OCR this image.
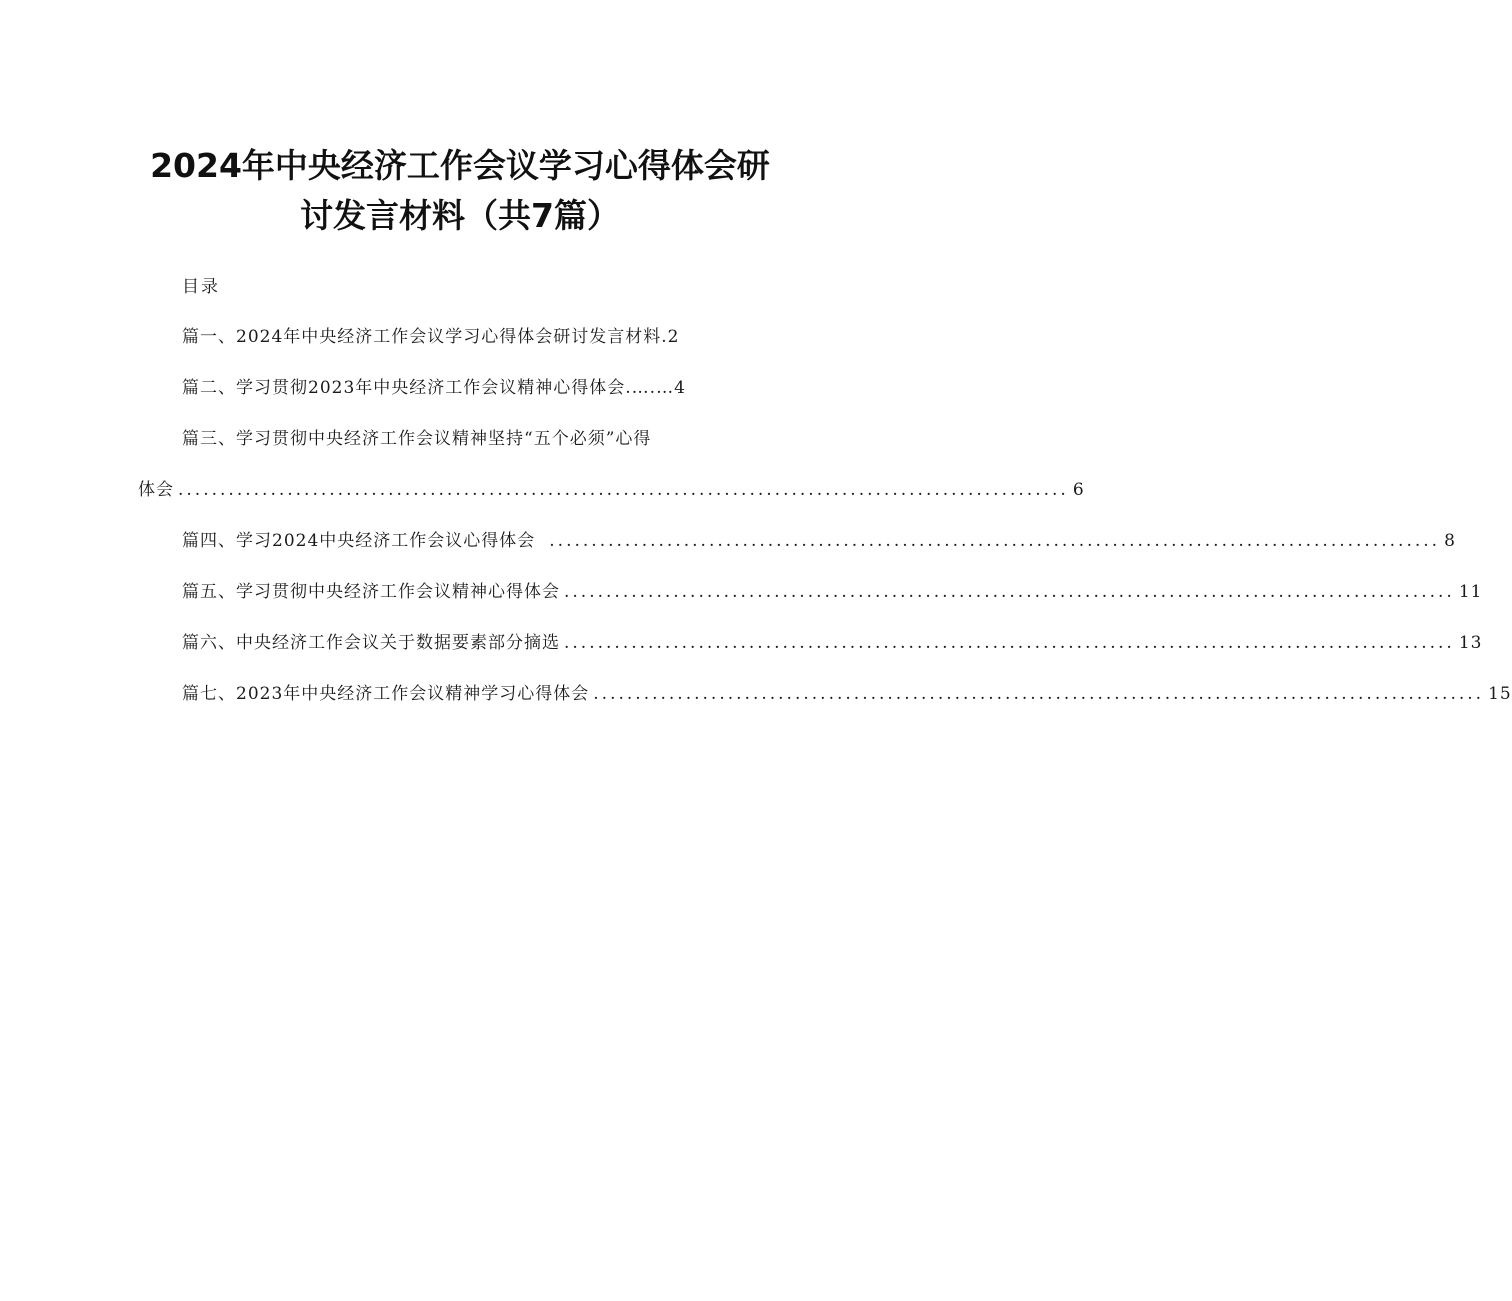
2024年中央经济工作会议学习心得体会研
讨发言材料（共7篇）
目录
篇一、2024年中央经济工作会议学习心得体会研讨发言材料.2
篇二、学习贯彻2023年中央经济工作会议精神心得体会.….…4
篇三、学习贯彻中央经济工作会议精神坚持“五个必须”心得
体会 .......................................................................................................... 6
篇四、学习2024中央经济工作会议心得体会 .......................................................................................................... 8
篇五、学习贯彻中央经济工作会议精神心得体会 .......................................................................................................... 11
篇六、中央经济工作会议关于数据要素部分摘选 .......................................................................................................... 13
篇七、2023年中央经济工作会议精神学习心得体会 .......................................................................................................... 15
